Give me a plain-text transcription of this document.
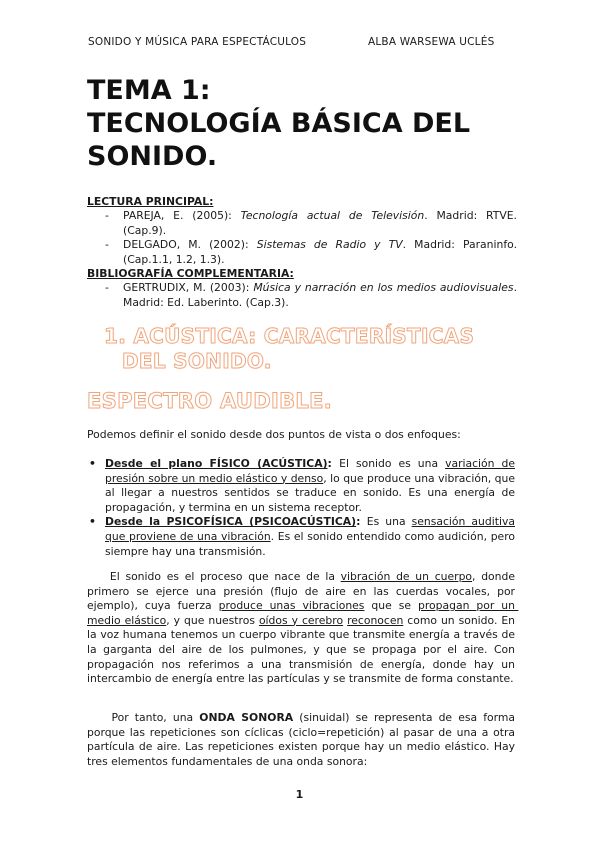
SONIDO Y MÚSICA PARA ESPECTÁCULOS	ALBA WARSEWA UCLÉS
TEMA 1:
TECNOLOGÍA BÁSICA DEL
SONIDO.
LECTURA PRINCIPAL:
- PAREJA, E. (2005): Tecnología actual de Televisión. Madrid: RTVE. (Cap.9).
- DELGADO, M. (2002): Sistemas de Radio y TV. Madrid: Paraninfo. (Cap.1.1, 1.2, 1.3).
BIBLIOGRAFÍA COMPLEMENTARIA:
- GERTRUDIX, M. (2003): Música y narración en los medios audiovisuales. Madrid: Ed. Laberinto. (Cap.3).
1. ACÚSTICA: CARACTERÍSTICAS
DEL SONIDO.
ESPECTRO AUDIBLE.
Podemos definir el sonido desde dos puntos de vista o dos enfoques:
• Desde el plano FÍSICO (ACÚSTICA): El sonido es una variación de presión sobre un medio elástico y denso, lo que produce una vibración, que al llegar a nuestros sentidos se traduce en sonido. Es una energía de propagación, y termina en un sistema receptor.
• Desde la PSICOFÍSICA (PSICOACÚSTICA): Es una sensación auditiva que proviene de una vibración. Es el sonido entendido como audición, pero siempre hay una transmisión.
El sonido es el proceso que nace de la vibración de un cuerpo, donde primero se ejerce una presión (flujo de aire en las cuerdas vocales, por ejemplo), cuya fuerza produce unas vibraciones que se propagan por un medio elástico, y que nuestros oídos y cerebro reconocen como un sonido. En la voz humana tenemos un cuerpo vibrante que transmite energía a través de la garganta del aire de los pulmones, y que se propaga por el aire. Con propagación nos referimos a una transmisión de energía, donde hay un intercambio de energía entre las partículas y se transmite de forma constante.
Por tanto, una ONDA SONORA (sinuidal) se representa de esa forma porque las repeticiones son cíclicas (ciclo=repetición) al pasar de una a otra partícula de aire. Las repeticiones existen porque hay un medio elástico. Hay tres elementos fundamentales de una onda sonora:
1
